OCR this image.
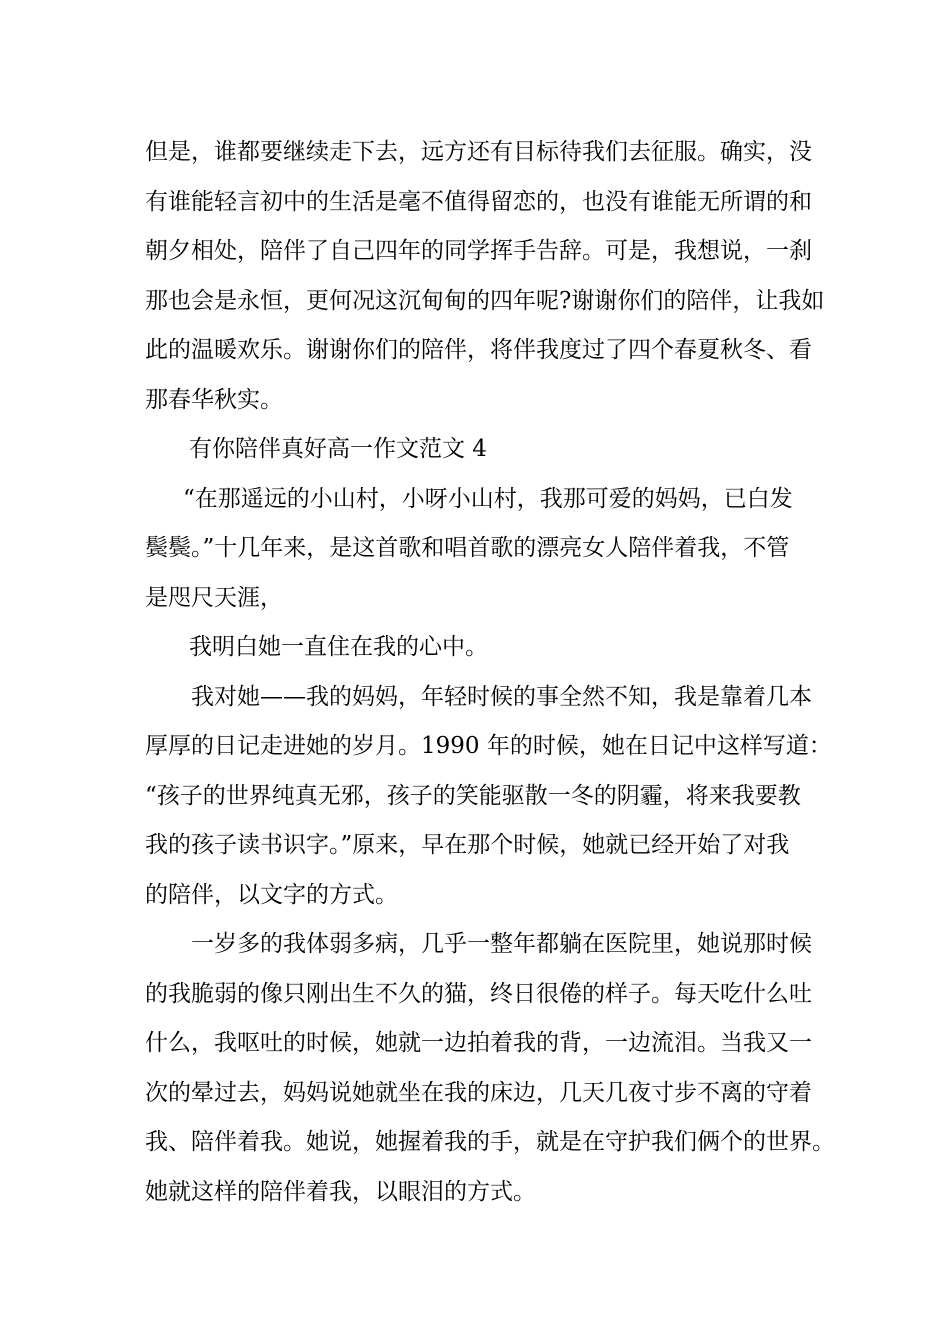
但是，谁都要继续走下去，远方还有目标待我们去征服。确实，没
有谁能轻言初中的生活是毫不值得留恋的，也没有谁能无所谓的和
朝夕相处，陪伴了自己四年的同学挥手告辞。可是，我想说，一刹
那也会是永恒，更何况这沉甸甸的四年呢?谢谢你们的陪伴，让我如
此的温暖欢乐。谢谢你们的陪伴，将伴我度过了四个春夏秋冬、看
那春华秋实。
有你陪伴真好高一作文范文 4
“在那遥远的小山村，小呀小山村，我那可爱的妈妈，已白发
鬓鬓。”十几年来，是这首歌和唱首歌的漂亮女人陪伴着我，不管
是咫尺天涯，
我明白她一直住在我的心中。
我对她——我的妈妈，年轻时候的事全然不知，我是靠着几本
厚厚的日记走进她的岁月。1990 年的时候，她在日记中这样写道：
“孩子的世界纯真无邪，孩子的笑能驱散一冬的阴霾，将来我要教
我的孩子读书识字。”原来，早在那个时候，她就已经开始了对我
的陪伴，以文字的方式。
一岁多的我体弱多病，几乎一整年都躺在医院里，她说那时候
的我脆弱的像只刚出生不久的猫，终日很倦的样子。每天吃什么吐
什么，我呕吐的时候，她就一边拍着我的背，一边流泪。当我又一
次的晕过去，妈妈说她就坐在我的床边，几天几夜寸步不离的守着
我、陪伴着我。她说，她握着我的手，就是在守护我们俩个的世界。
她就这样的陪伴着我，以眼泪的方式。
